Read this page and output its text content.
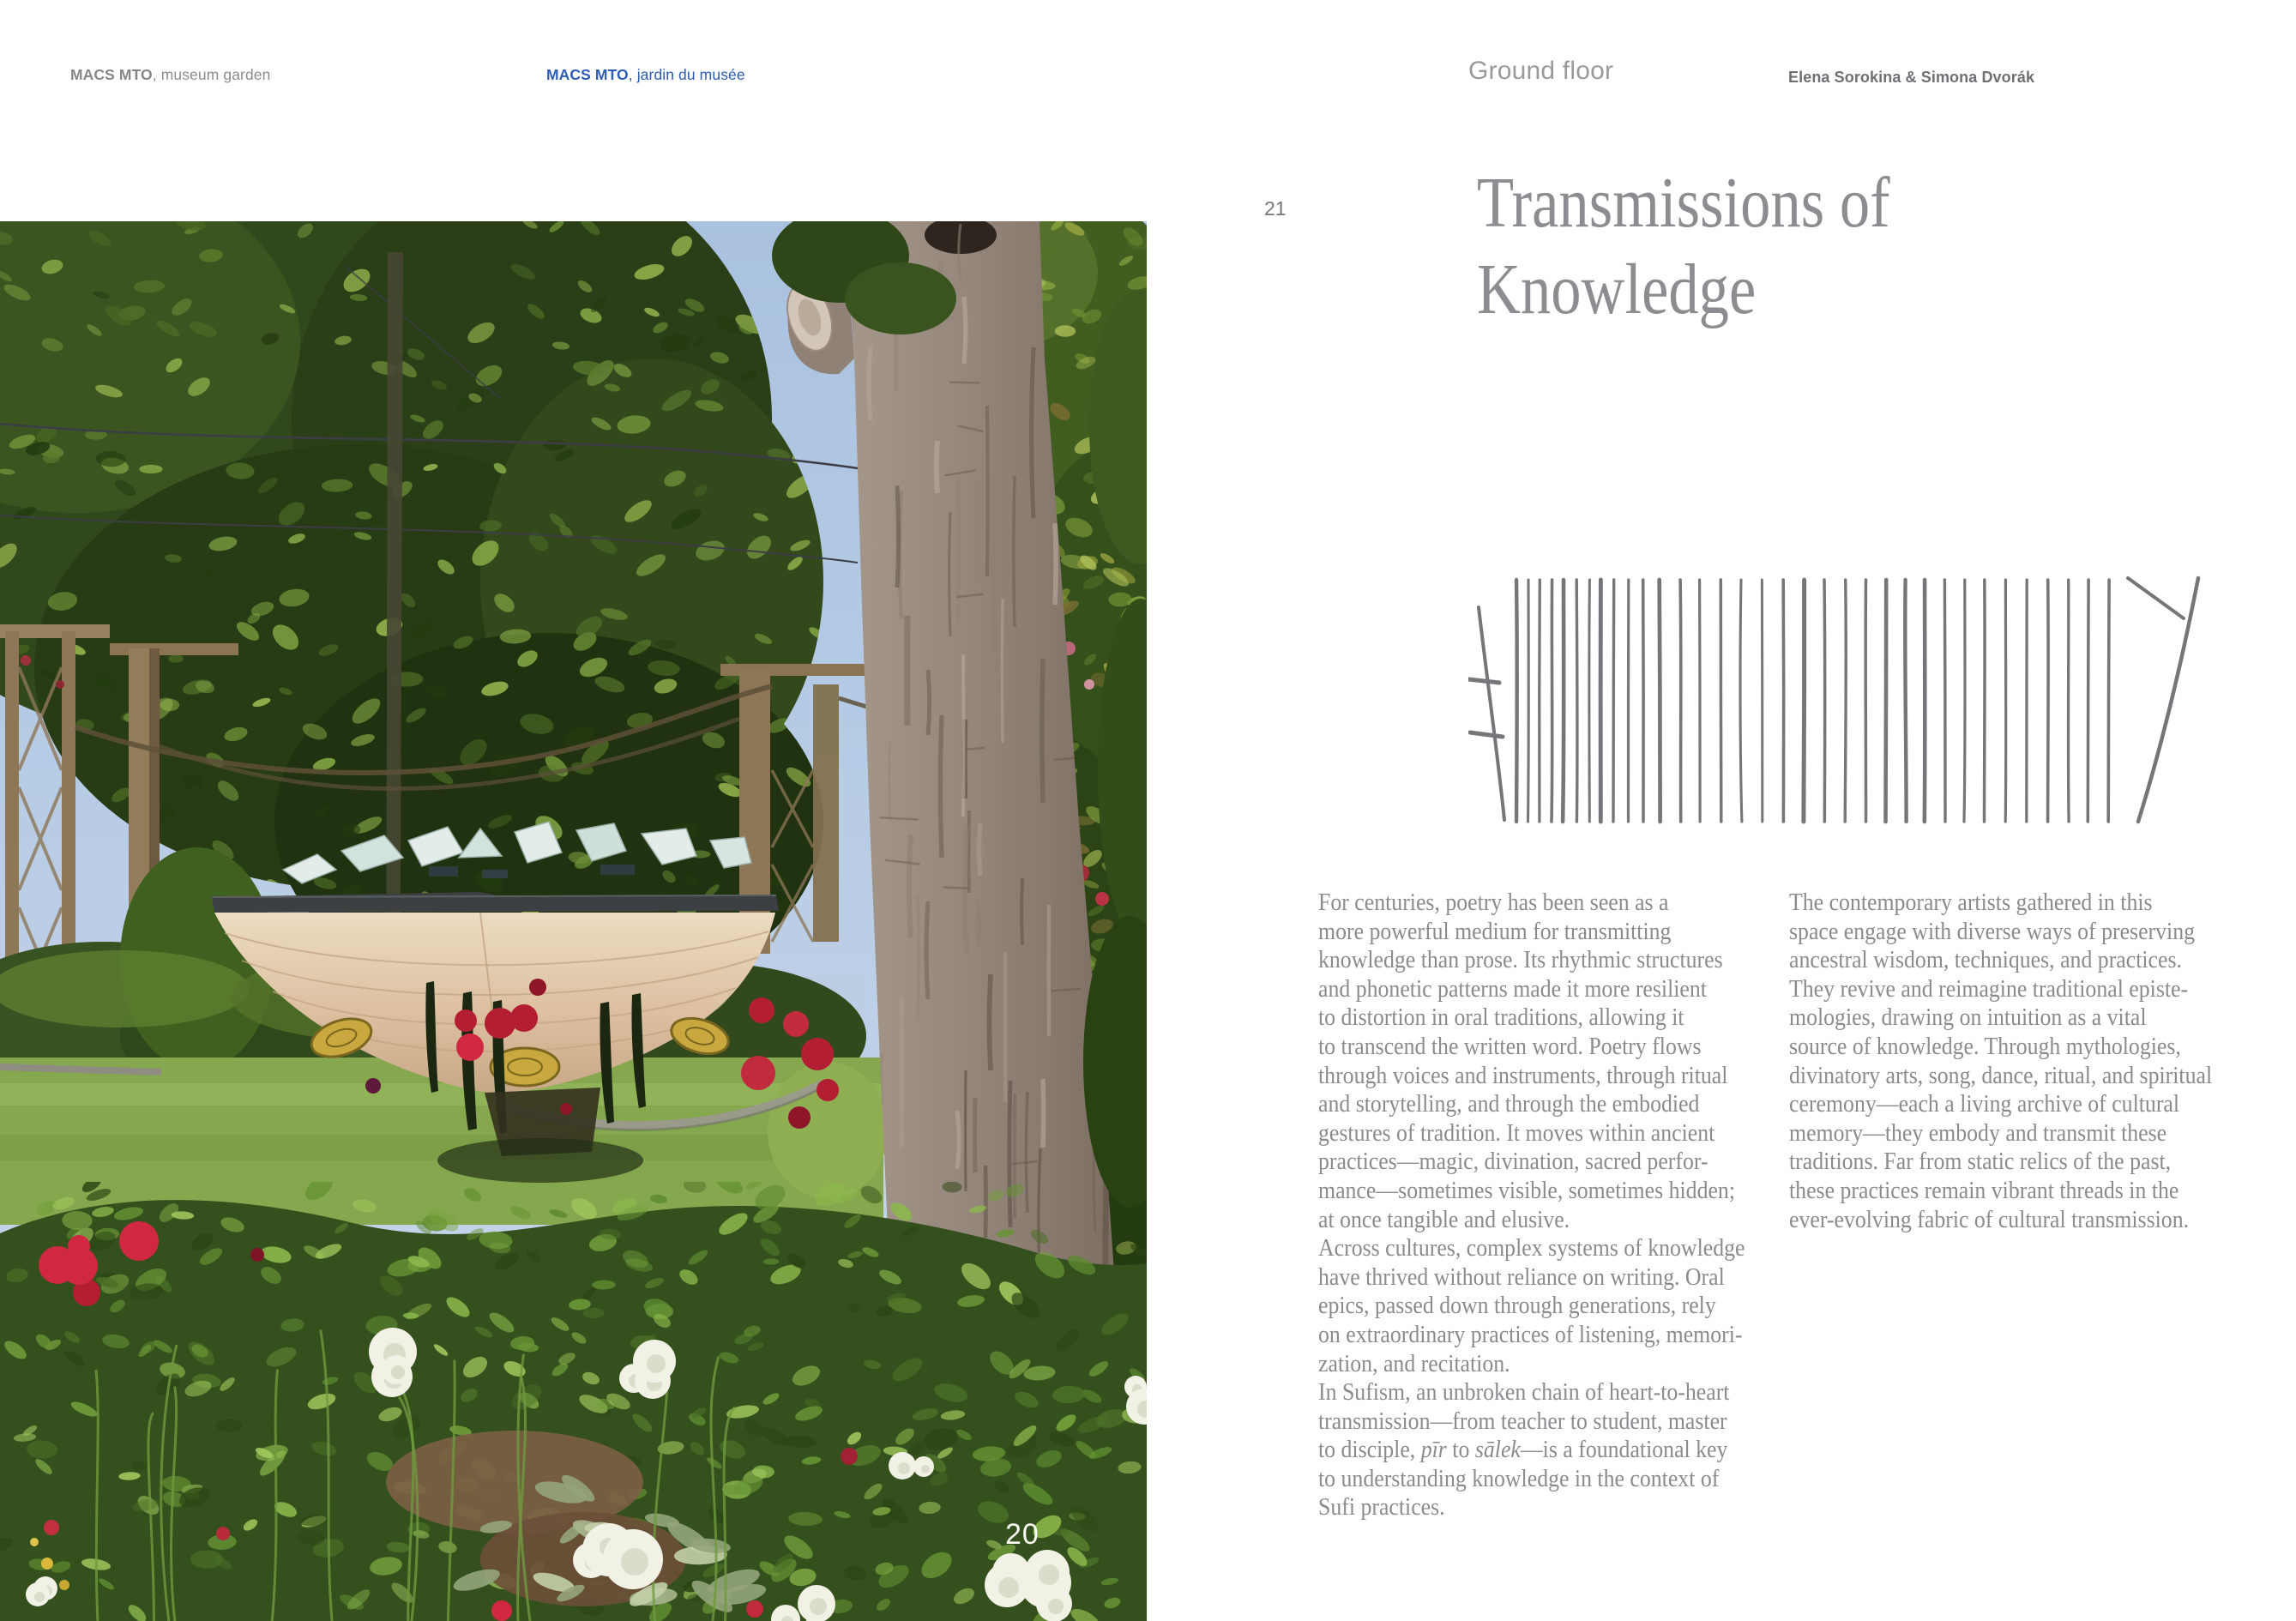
MACS MTO, museum garden	MACS MTO, jardin du musée	Ground floor	Elena Sorokina & Simona Dvorák
20
21	Transmissions of
Knowledge
For centuries, poetry has been seen as a
more powerful medium for transmitting
knowledge than prose. Its rhythmic structures
and phonetic patterns made it more resilient
to distortion in oral traditions, allowing it
to transcend the written word. Poetry flows
through voices and instruments, through ritual
and storytelling, and through the embodied
gestures of tradition. It moves within ancient
practices—magic, divination, sacred perfor-
mance—sometimes visible, sometimes hidden;
at once tangible and elusive.
Across cultures, complex systems of knowledge
have thrived without reliance on writing. Oral
epics, passed down through generations, rely
on extraordinary practices of listening, memori-
zation, and recitation.
In Sufism, an unbroken chain of heart-to-heart
transmission—from teacher to student, master
to disciple, pīr to sālek—is a foundational key
to understanding knowledge in the context of
Sufi practices.
The contemporary artists gathered in this
space engage with diverse ways of preserving
ancestral wisdom, techniques, and practices.
They revive and reimagine traditional episte-
mologies, drawing on intuition as a vital
source of knowledge. Through mythologies,
divinatory arts, song, dance, ritual, and spiritual
ceremony—each a living archive of cultural
memory—they embody and transmit these
traditions. Far from static relics of the past,
these practices remain vibrant threads in the
ever-evolving fabric of cultural transmission.
